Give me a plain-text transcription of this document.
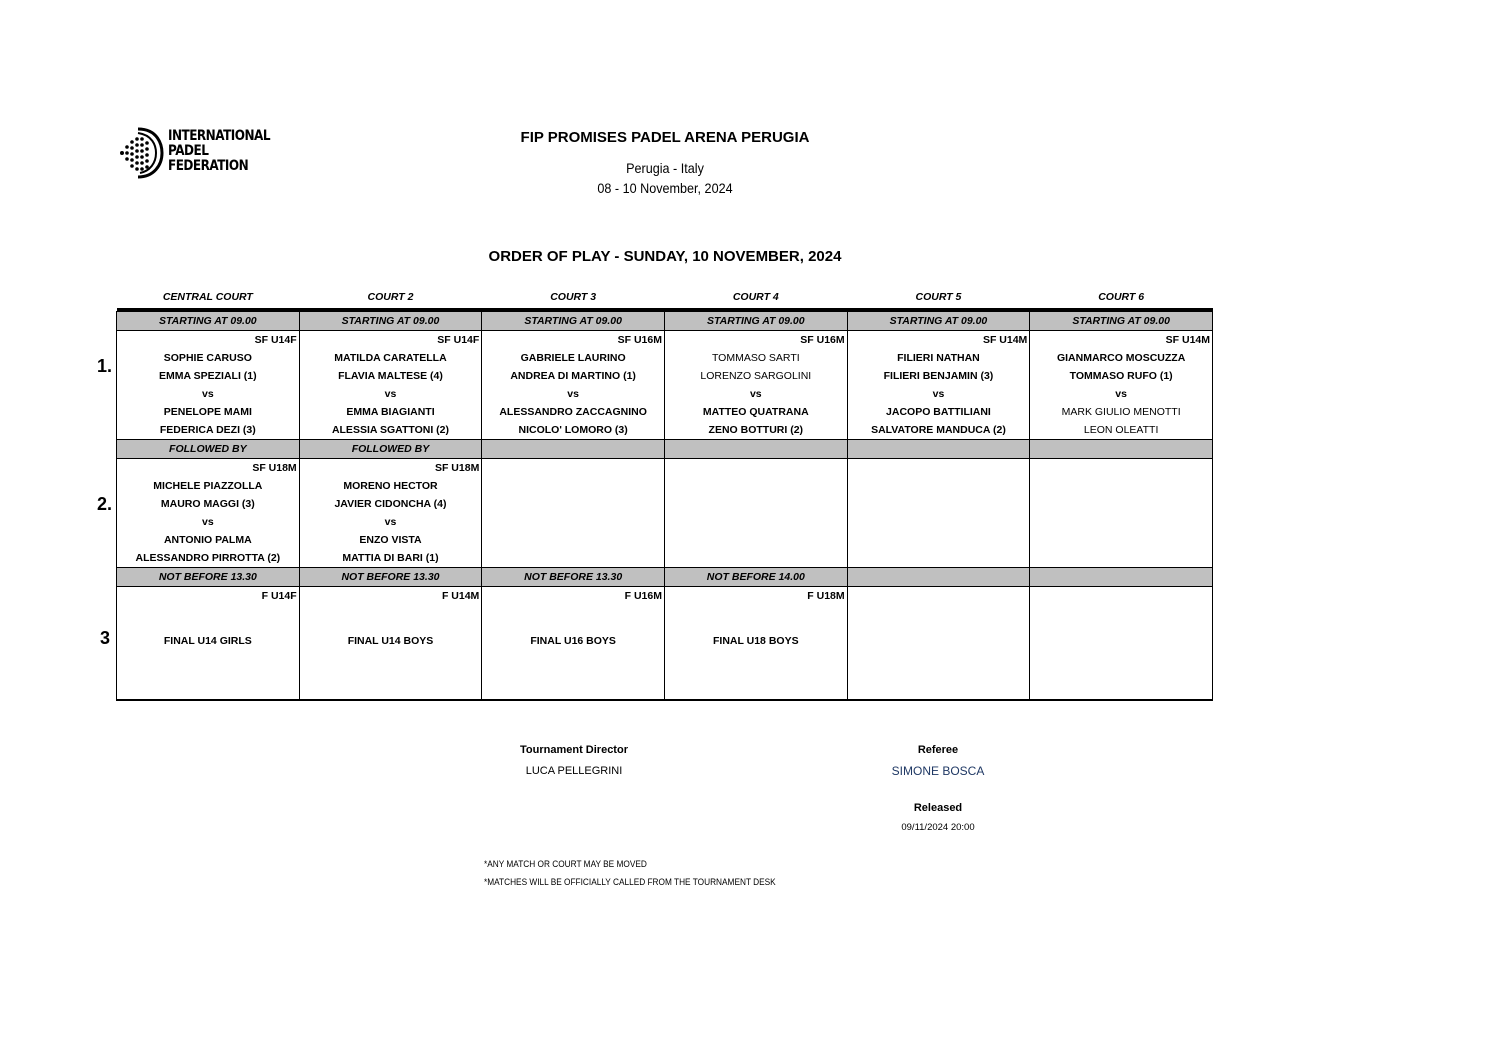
INTERNATIONAL
PADEL
FEDERATION
FIP PROMISES PADEL ARENA PERUGIA
Perugia - Italy
08 - 10 November, 2024
ORDER OF PLAY - SUNDAY, 10 NOVEMBER, 2024
1.
2.
3
CENTRAL COURT	COURT 2	COURT 3	COURT 4	COURT 5	COURT 6

STARTING AT 09.00	STARTING AT 09.00	STARTING AT 09.00	STARTING AT 09.00	STARTING AT 09.00	STARTING AT 09.00
SF U14F	SF U14F	SF U16M	SF U16M	SF U14M	SF U14M
SOPHIE CARUSO	MATILDA CARATELLA	GABRIELE LAURINO	TOMMASO SARTI	FILIERI NATHAN	GIANMARCO MOSCUZZA
EMMA SPEZIALI (1)	FLAVIA MALTESE (4)	ANDREA DI MARTINO (1)	LORENZO SARGOLINI	FILIERI BENJAMIN (3)	TOMMASO RUFO (1)
vs	vs	vs	vs	vs	vs
PENELOPE MAMI	EMMA BIAGIANTI	ALESSANDRO ZACCAGNINO	MATTEO QUATRANA	JACOPO BATTILIANI	MARK GIULIO MENOTTI
FEDERICA DEZI (3)	ALESSIA SGATTONI (2)	NICOLO' LOMORO (3)	ZENO BOTTURI (2)	SALVATORE MANDUCA (2)	LEON OLEATTI
FOLLOWED BY	FOLLOWED BY				
SF U18M	SF U18M				
MICHELE PIAZZOLLA	MORENO HECTOR				
MAURO MAGGI (3)	JAVIER CIDONCHA (4)				
vs	vs				
ANTONIO PALMA	ENZO VISTA				
ALESSANDRO PIRROTTA (2)	MATTIA DI BARI (1)				
NOT BEFORE 13.30	NOT BEFORE 13.30	NOT BEFORE 13.30	NOT BEFORE 14.00		
F U14F	F U14M	F U16M	F U18M		

FINAL U14 GIRLS	FINAL U14 BOYS	FINAL U16 BOYS	FINAL U18 BOYS		

Tournament Director
LUCA PELLEGRINI
Referee
SIMONE BOSCA
Released
09/11/2024 20:00
*ANY MATCH OR COURT MAY BE MOVED
*MATCHES WILL BE OFFICIALLY CALLED FROM THE TOURNAMENT DESK
